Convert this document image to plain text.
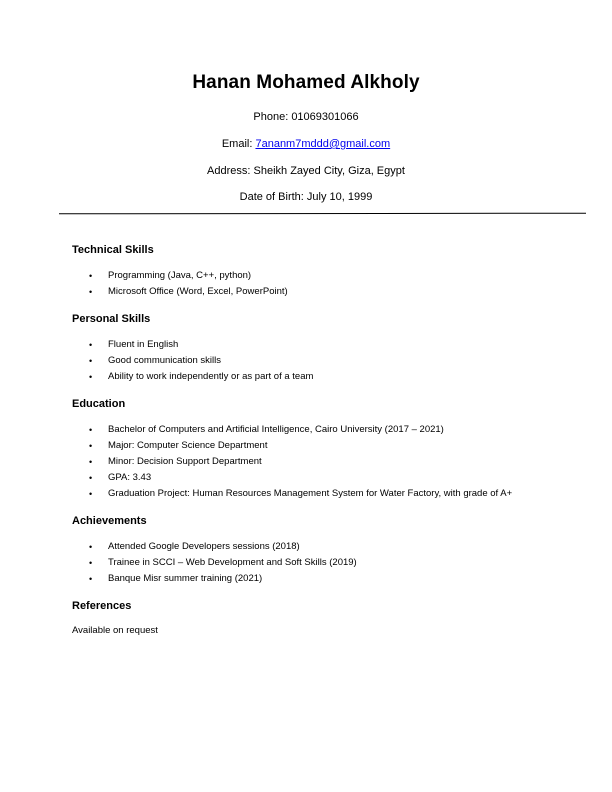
Hanan Mohamed Alkholy
Phone: 01069301066
Email: 7ananm7mddd@gmail.com
Address: Sheikh Zayed City, Giza, Egypt
Date of Birth: July 10, 1999
Technical Skills
• Programming (Java, C++, python)
• Microsoft Office (Word, Excel, PowerPoint)
Personal Skills
• Fluent in English
• Good communication skills
• Ability to work independently or as part of a team
Education
• Bachelor of Computers and Artificial Intelligence, Cairo University (2017 – 2021)
• Major: Computer Science Department
• Minor: Decision Support Department
• GPA: 3.43
• Graduation Project: Human Resources Management System for Water Factory, with grade of A+
Achievements
• Attended Google Developers sessions (2018)
• Trainee in SCCI – Web Development and Soft Skills (2019)
• Banque Misr summer training (2021)
References
Available on request
